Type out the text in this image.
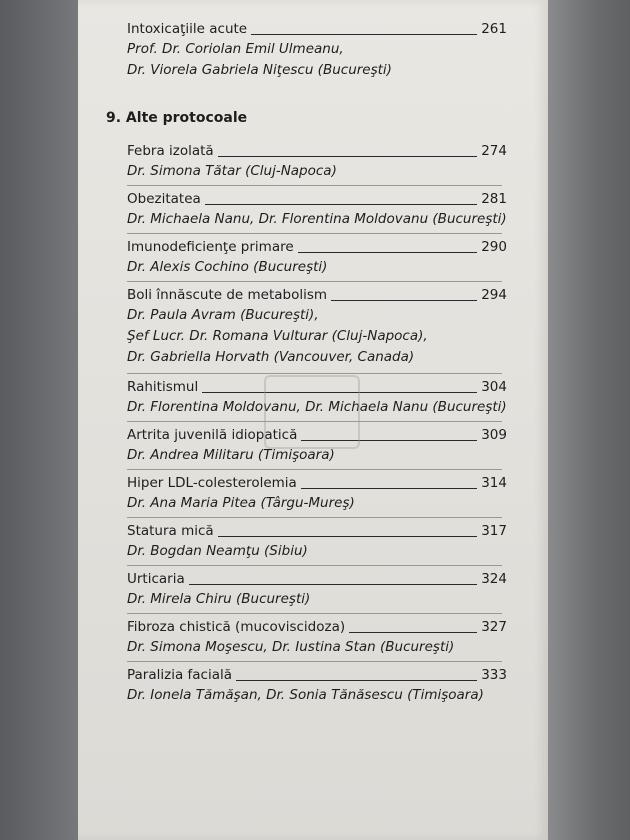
Intoxicaţiile acute	261
Prof. Dr. Coriolan Emil Ulmeanu,
Dr. Viorela Gabriela Niţescu (Bucureşti)
9. Alte protocoale
Febra izolată	274
Dr. Simona Tătar (Cluj-Napoca)
Obezitatea	281
Dr. Michaela Nanu, Dr. Florentina Moldovanu (Bucureşti)
Imunodeficienţe primare	290
Dr. Alexis Cochino (Bucureşti)
Boli înnăscute de metabolism	294
Dr. Paula Avram (Bucureşti),
Şef Lucr. Dr. Romana Vulturar (Cluj-Napoca),
Dr. Gabriella Horvath (Vancouver, Canada)
Rahitismul	304
Dr. Florentina Moldovanu, Dr. Michaela Nanu (Bucureşti)
Artrita juvenilă idiopatică	309
Dr. Andrea Militaru (Timişoara)
Hiper LDL-colesterolemia	314
Dr. Ana Maria Pitea (Târgu-Mureş)
Statura mică	317
Dr. Bogdan Neamţu (Sibiu)
Urticaria	324
Dr. Mirela Chiru (Bucureşti)
Fibroza chistică (mucoviscidoza)	327
Dr. Simona Moşescu, Dr. Iustina Stan (Bucureşti)
Paralizia facială	333
Dr. Ionela Tămăşan, Dr. Sonia Tănăsescu (Timişoara)
